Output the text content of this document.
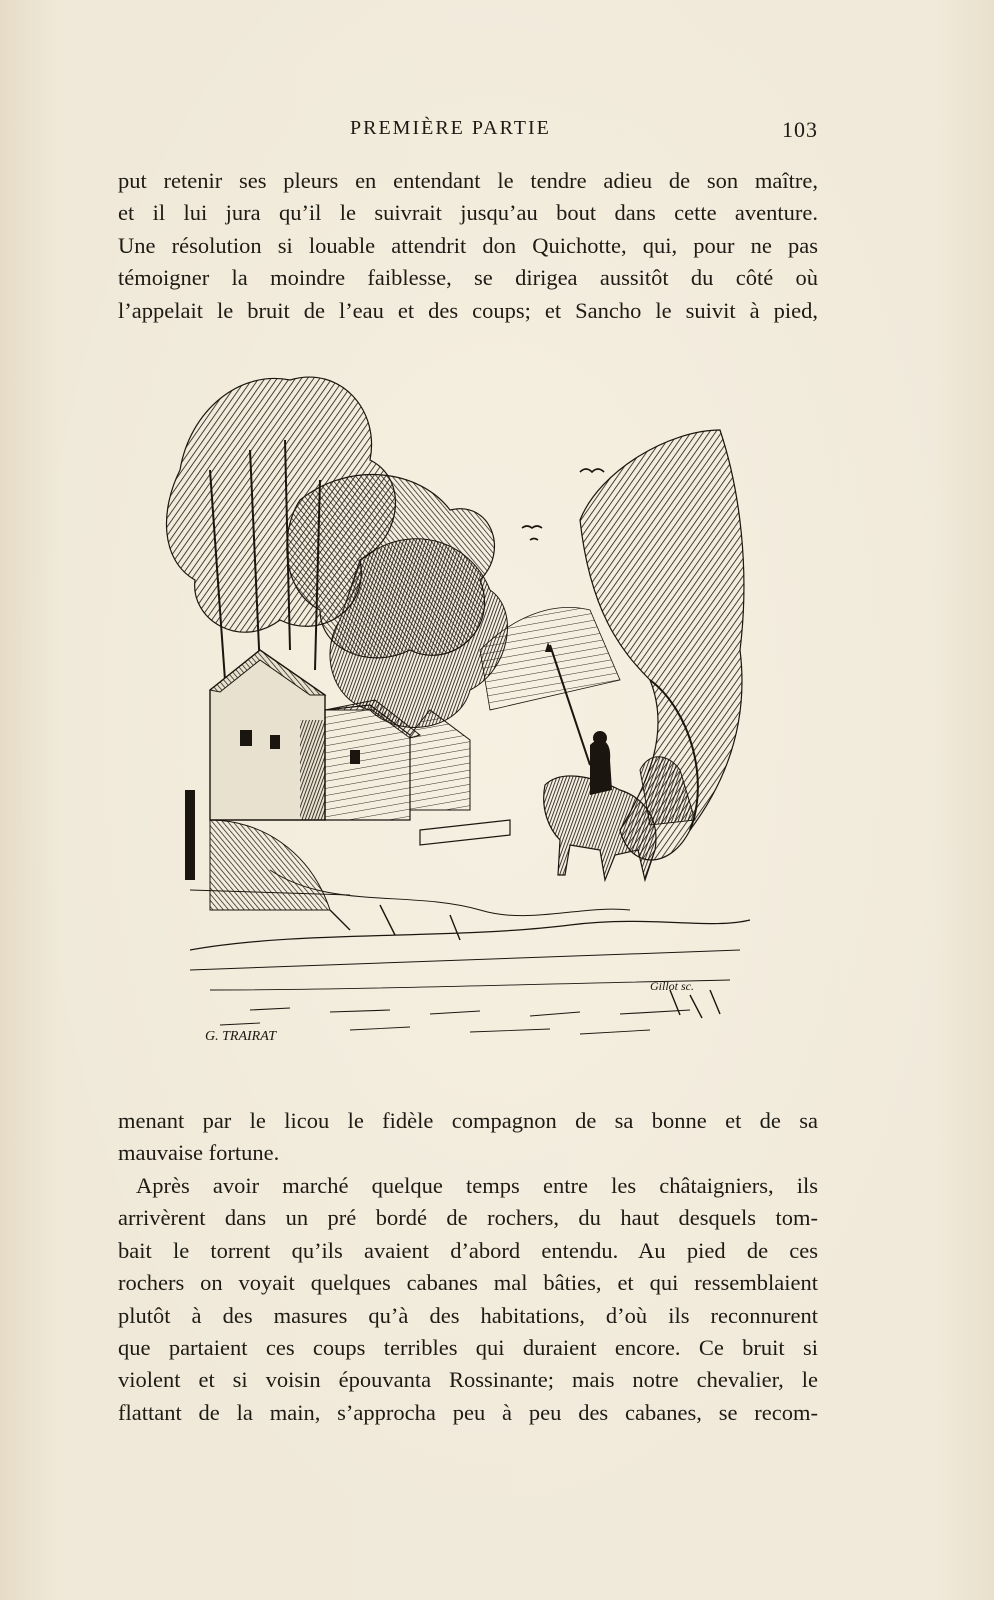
PREMIÈRE PARTIE	103
put retenir ses pleurs en entendant le tendre adieu de son maître,
et il lui jura qu’il le suivrait jusqu’au bout dans cette aventure.
Une résolution si louable attendrit don Quichotte, qui, pour ne pas
témoigner la moindre faiblesse, se dirigea aussitôt du côté où
l’appelait le bruit de l’eau et des coups; et Sancho le suivit à pied,
G. TRAIRAT
Gillot sc.
menant par le licou le fidèle compagnon de sa bonne et de sa
mauvaise fortune.
Après avoir marché quelque temps entre les châtaigniers, ils
arrivèrent dans un pré bordé de rochers, du haut desquels tom-
bait le torrent qu’ils avaient d’abord entendu. Au pied de ces
rochers on voyait quelques cabanes mal bâties, et qui ressemblaient
plutôt à des masures qu’à des habitations, d’où ils reconnurent
que partaient ces coups terribles qui duraient encore. Ce bruit si
violent et si voisin épouvanta Rossinante; mais notre chevalier, le
flattant de la main, s’approcha peu à peu des cabanes, se recom-
